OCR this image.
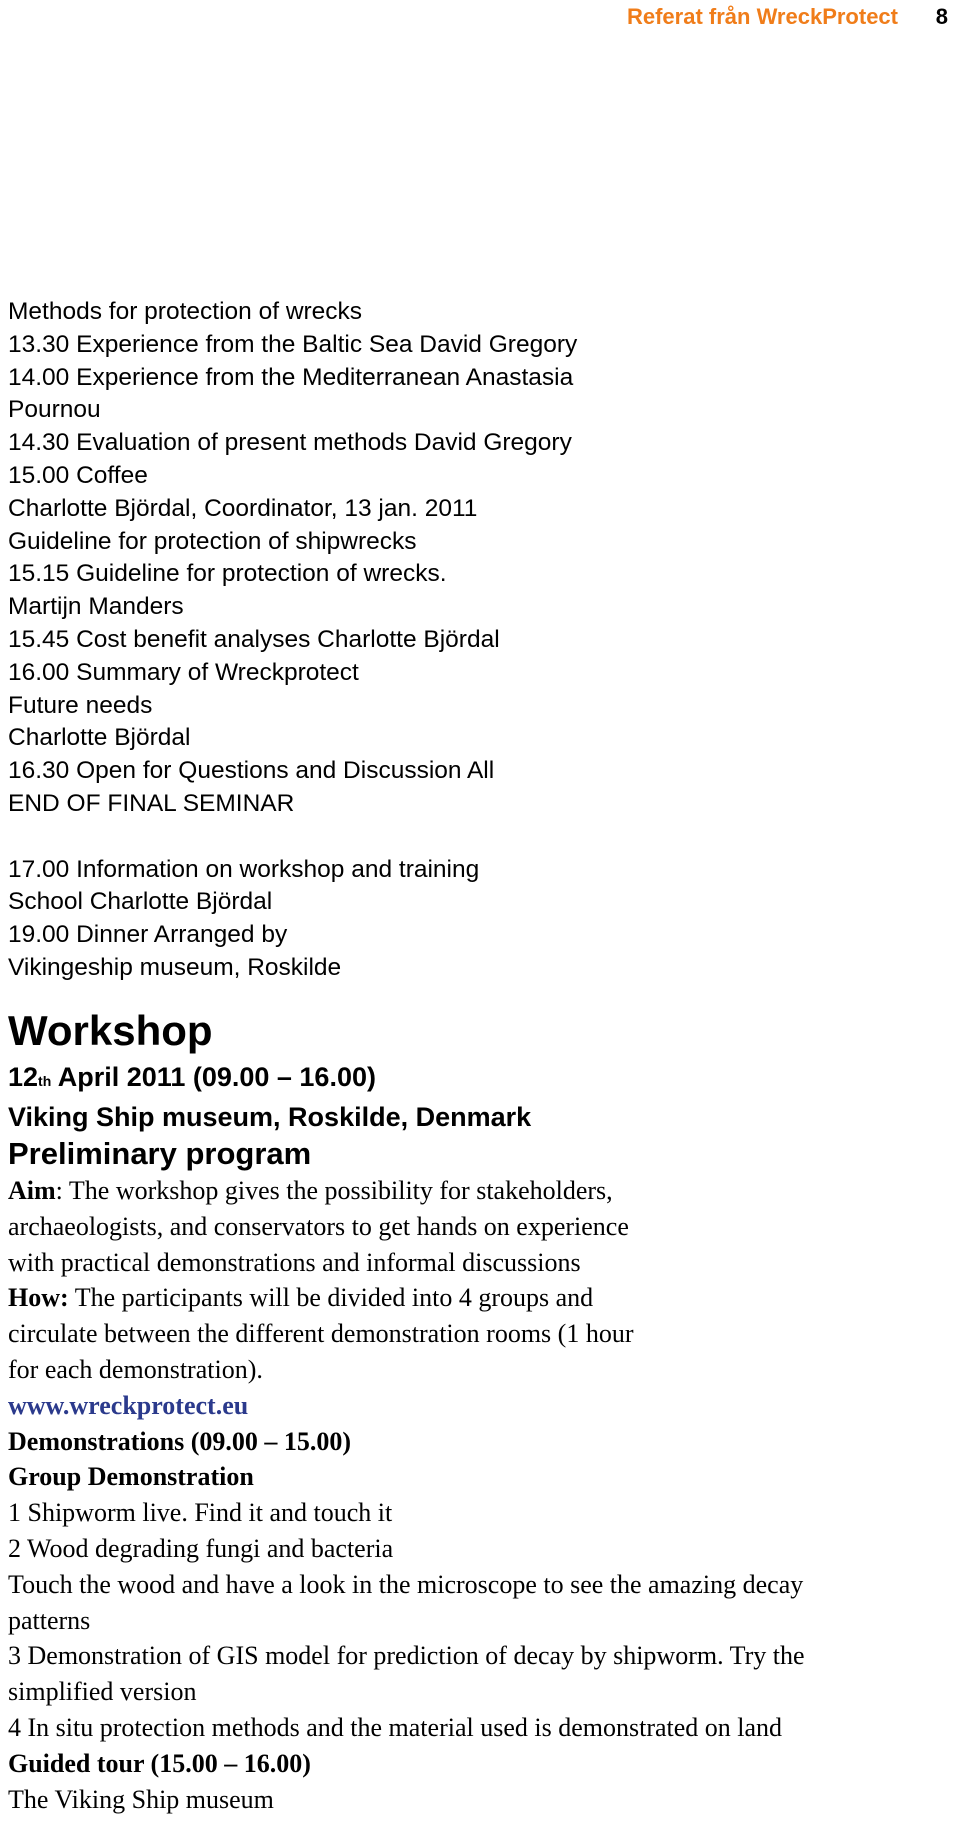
Referat från WreckProtect 8
Methods for protection of wrecks
13.30 Experience from the Baltic Sea David Gregory
14.00 Experience from the Mediterranean Anastasia
Pournou
14.30 Evaluation of present methods David Gregory
15.00 Coffee
Charlotte Björdal, Coordinator, 13 jan. 2011
Guideline for protection of shipwrecks
15.15 Guideline for protection of wrecks.
Martijn Manders
15.45 Cost benefit analyses Charlotte Björdal
16.00 Summary of Wreckprotect
Future needs
Charlotte Björdal
16.30 Open for Questions and Discussion All
END OF FINAL SEMINAR
17.00 Information on workshop and training
School Charlotte Björdal
19.00 Dinner Arranged by
Vikingeship museum, Roskilde
Workshop
12th April 2011 (09.00 – 16.00)
Viking Ship museum, Roskilde, Denmark
Preliminary program
Aim: The workshop gives the possibility for stakeholders,
archaeologists, and conservators to get hands on experience
with practical demonstrations and informal discussions
How: The participants will be divided into 4 groups and
circulate between the different demonstration rooms (1 hour
for each demonstration).
www.wreckprotect.eu
Demonstrations (09.00 – 15.00)
Group Demonstration
1 Shipworm live. Find it and touch it
2 Wood degrading fungi and bacteria
Touch the wood and have a look in the microscope to see the amazing decay
patterns
3 Demonstration of GIS model for prediction of decay by shipworm. Try the
simplified version
4 In situ protection methods and the material used is demonstrated on land
Guided tour (15.00 – 16.00)
The Viking Ship museum
